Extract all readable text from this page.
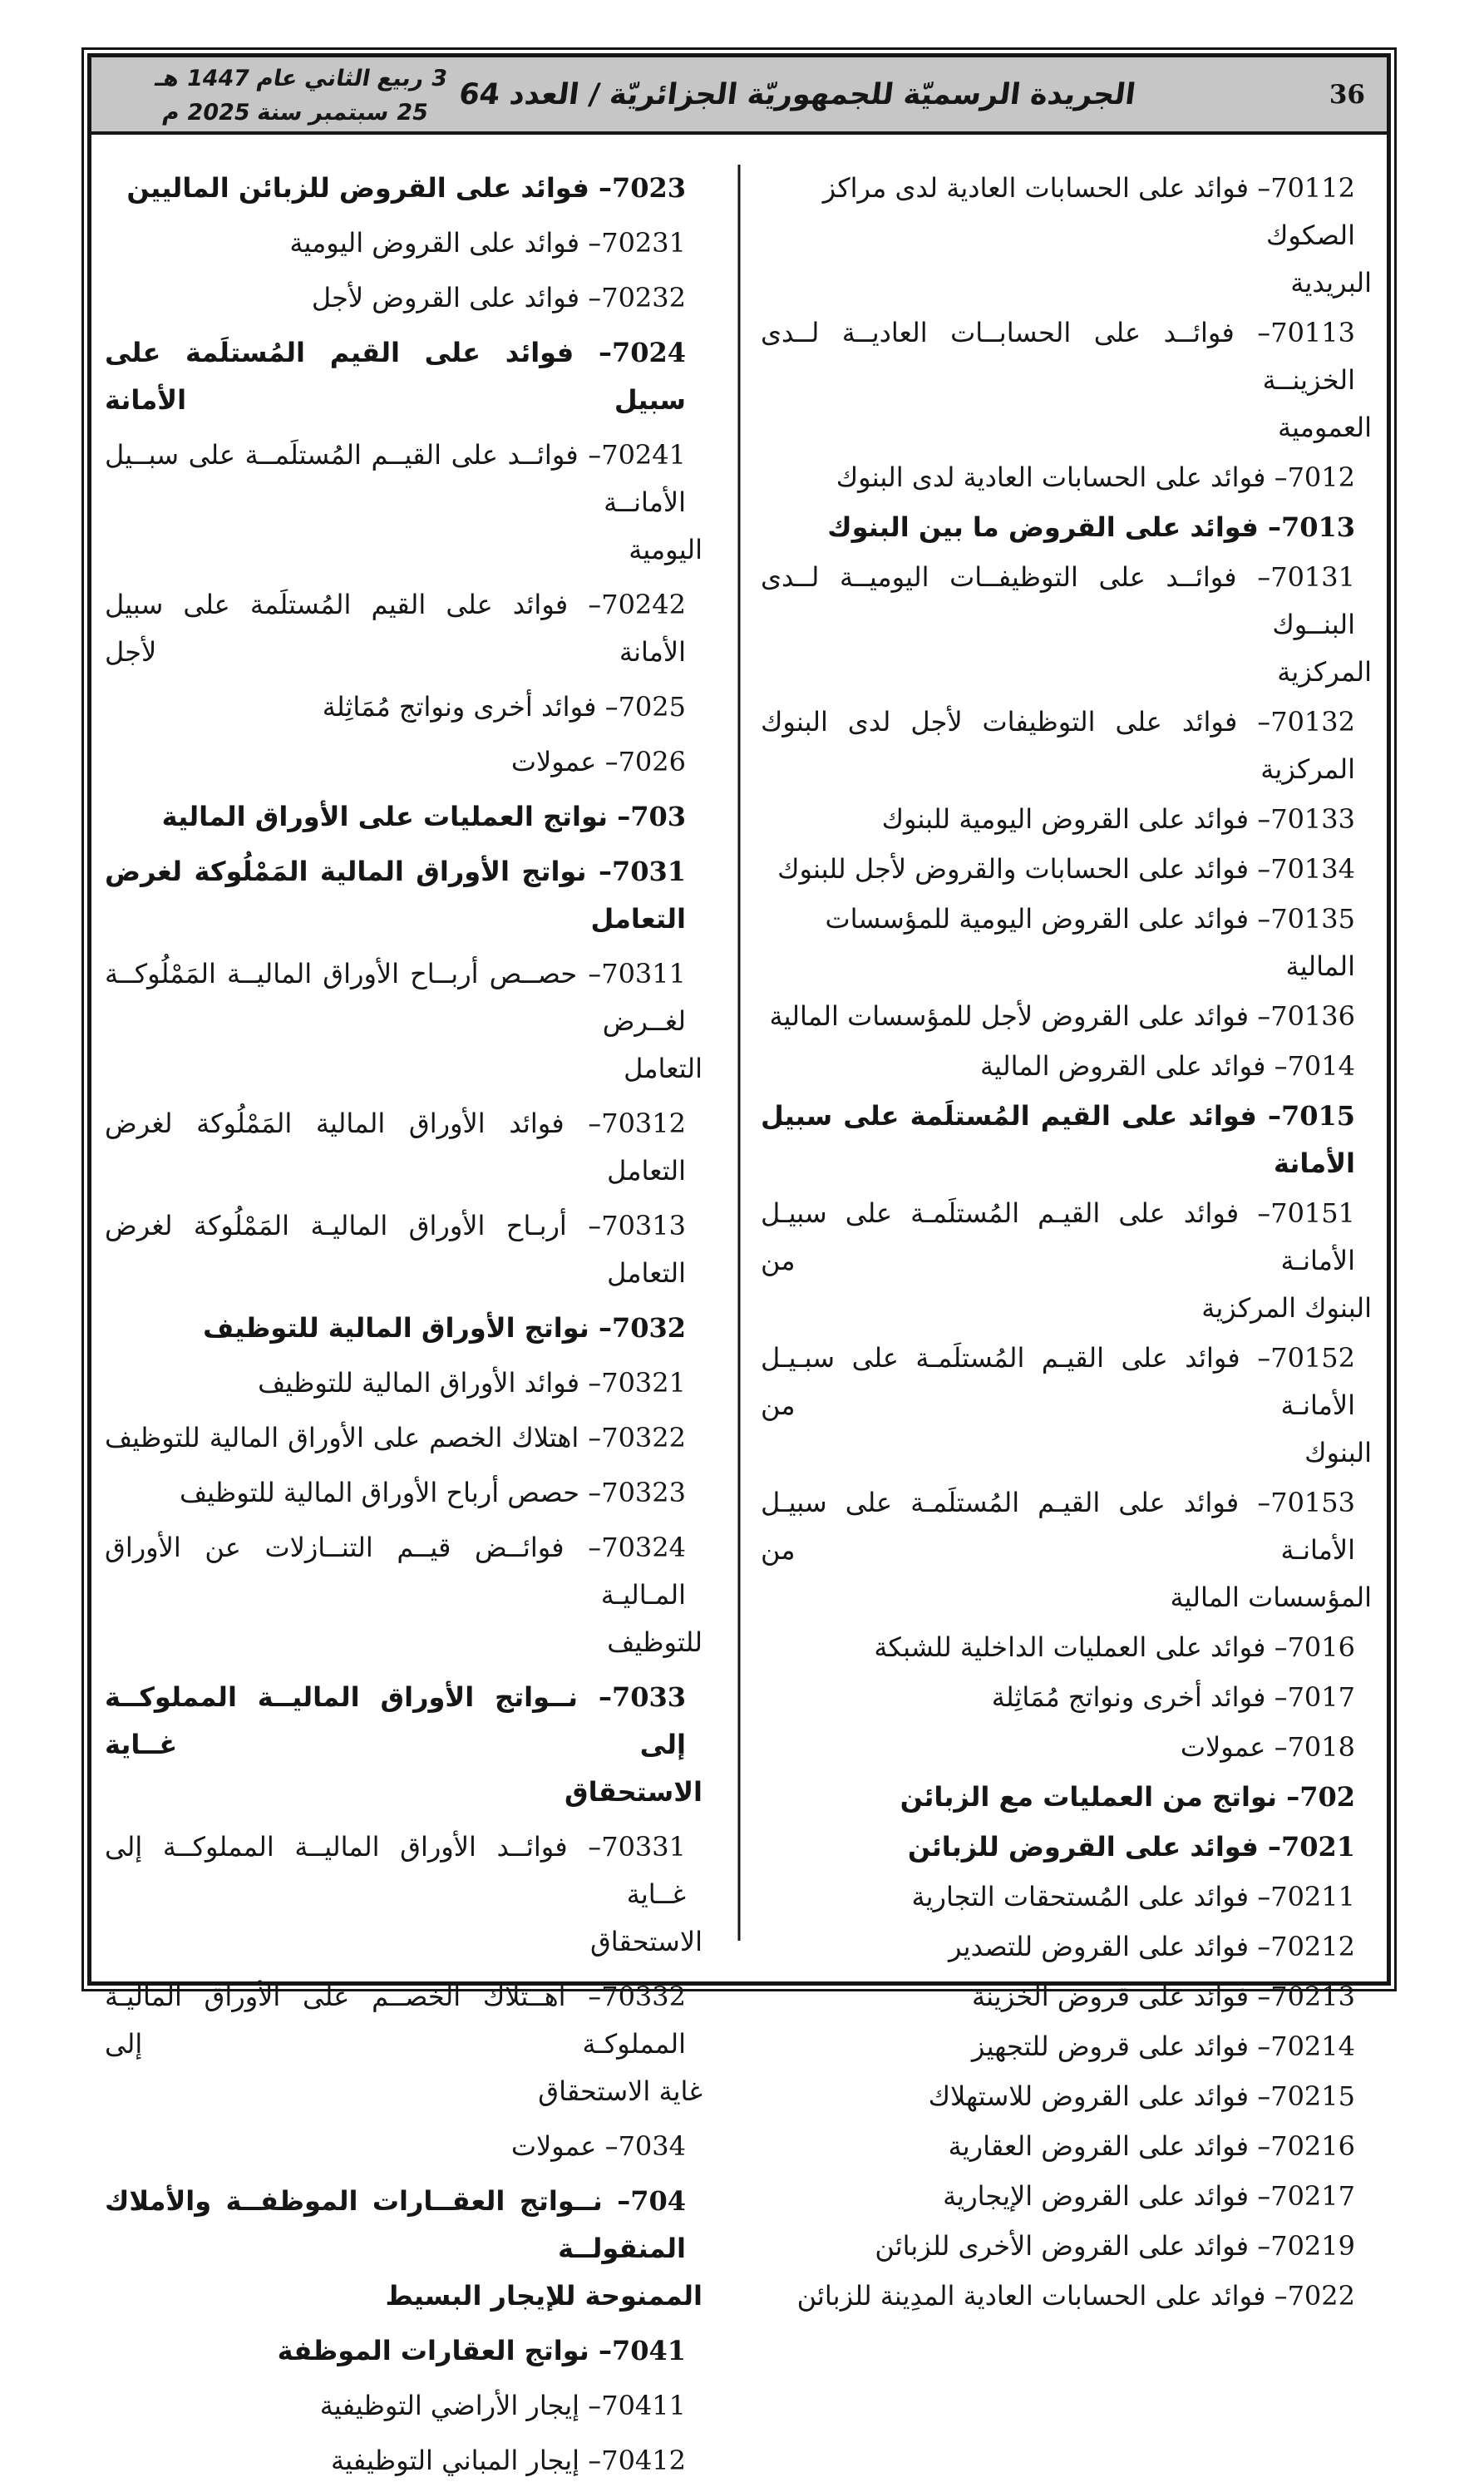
3 ربيع الثاني عام 1447 هـ
25 سبتمبر سنة 2025 م
الجريدة الرسميّة للجمهوريّة الجزائريّة / العدد 64	36
70112– فوائد على الحسابات العادية لدى مراكز الصكوك
البريدية
70113– فوائــد على الحسابــات العاديــة لــدى الخزينــة
العمومية
7012– فوائد على الحسابات العادية لدى البنوك
7013– فوائد على القروض ما بين البنوك
70131– فوائــد على التوظيفــات اليوميــة لــدى البنــوك
المركزية
70132– فوائد على التوظيفات لأجل لدى البنوك المركزية
70133– فوائد على القروض اليومية للبنوك
70134– فوائد على الحسابات والقروض لأجل للبنوك
70135– فوائد على القروض اليومية للمؤسسات المالية
70136– فوائد على القروض لأجل للمؤسسات المالية
7014– فوائد على القروض المالية
7015– فوائد على القيم المُستلَمة على سبيل الأمانة
70151– فوائد على القيـم المُستلَمـة على سبيـل الأمانـة من
البنوك المركزية
70152– فوائد على القيـم المُستلَمـة على سبـيـل الأمانـة من
البنوك
70153– فوائد على القيـم المُستلَمـة على سبيـل الأمانـة من
المؤسسات المالية
7016– فوائد على العمليات الداخلية للشبكة
7017– فوائد أخرى ونواتج مُمَاثِلة
7018– عمولات
702– نواتج من العمليات مع الزبائن
7021– فوائد على القروض للزبائن
70211– فوائد على المُستحقات التجارية
70212– فوائد على القروض للتصدير
70213– فوائد على قروض الخزينة
70214– فوائد على قروض للتجهيز
70215– فوائد على القروض للاستهلاك
70216– فوائد على القروض العقارية
70217– فوائد على القروض الإيجارية
70219– فوائد على القروض الأخرى للزبائن
7022– فوائد على الحسابات العادية المدِينة للزبائن
7023– فوائد على القروض للزبائن الماليين
70231– فوائد على القروض اليومية
70232– فوائد على القروض لأجل
7024– فوائد على القيم المُستلَمة على سبيل الأمانة
70241– فوائــد على القيــم المُستلَمــة على سبــيل الأمانــة
اليومية
70242– فوائد على القيم المُستلَمة على سبيل الأمانة لأجل
7025– فوائد أخرى ونواتج مُمَاثِلة
7026– عمولات
703– نواتج العمليات على الأوراق المالية
7031– نواتج الأوراق المالية المَمْلُوكة لغرض التعامل
70311– حصــص أربــاح الأوراق الماليــة المَمْلُوكــة لغــرض
التعامل
70312– فوائد الأوراق المالية المَمْلُوكة لغرض التعامل
70313– أربـاح الأوراق الماليـة المَمْلُوكة لغرض التعامل
7032– نواتج الأوراق المالية للتوظيف
70321– فوائد الأوراق المالية للتوظيف
70322– اهتلاك الخصم على الأوراق المالية للتوظيف
70323– حصص أرباح الأوراق المالية للتوظيف
70324– فوائــض قيــم التنــازلات عن الأوراق المـاليـة
للتوظيف
7033– نــواتج الأوراق الماليــة المملوكــة إلى غــاية
الاستحقاق
70331– فوائــد الأوراق الماليــة المملوكــة إلى غــاية
الاستحقاق
70332– اهــتلاك الخصــم على الأوراق الماليـة المملوكـة إلى
غاية الاستحقاق
7034– عمولات
704– نــواتج العقــارات الموظفــة والأملاك المنقولــة
الممنوحة للإيجار البسيط
7041– نواتج العقارات الموظفة
70411– إيجار الأراضي التوظيفية
70412– إيجار المباني التوظيفية
